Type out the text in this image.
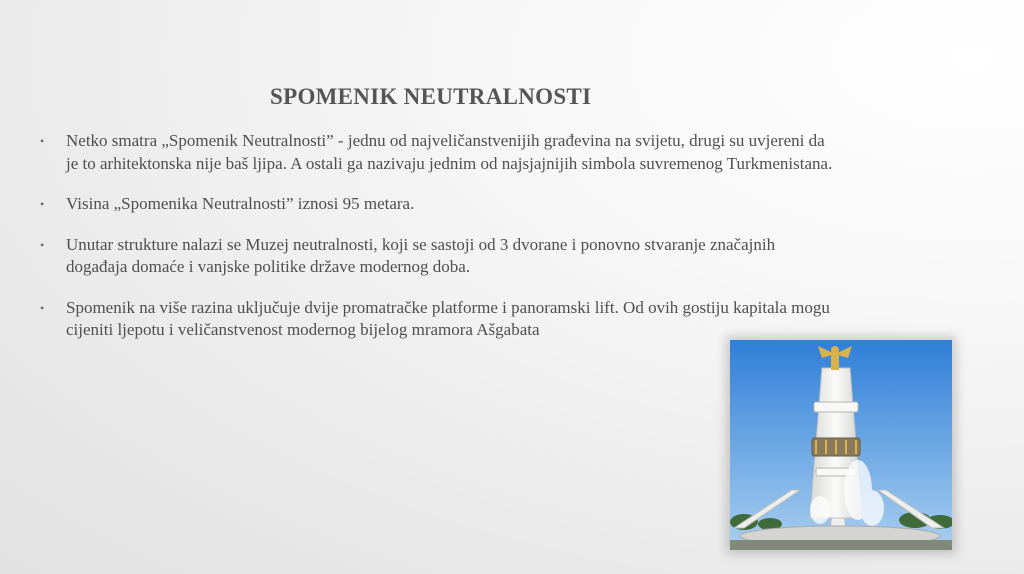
SPOMENIK NEUTRALNOSTI
• Netko smatra „Spomenik Neutralnosti” - jednu od najveličanstvenijih građevina na svijetu, drugi su uvjereni da je to arhitektonska nije baš ljipa. A ostali ga nazivaju jednim od najsjajnijih simbola suvremenog Turkmenistana.
• Visina „Spomenika Neutralnosti” iznosi 95 metara.
• Unutar strukture nalazi se Muzej neutralnosti, koji se sastoji od 3 dvorane i ponovno stvaranje značajnih događaja domaće i vanjske politike države modernog doba.
• Spomenik na više razina uključuje dvije promatračke platforme i panoramski lift. Od ovih gostiju kapitala mogu cijeniti ljepotu i veličanstvenost modernog bijelog mramora Ašgabata
